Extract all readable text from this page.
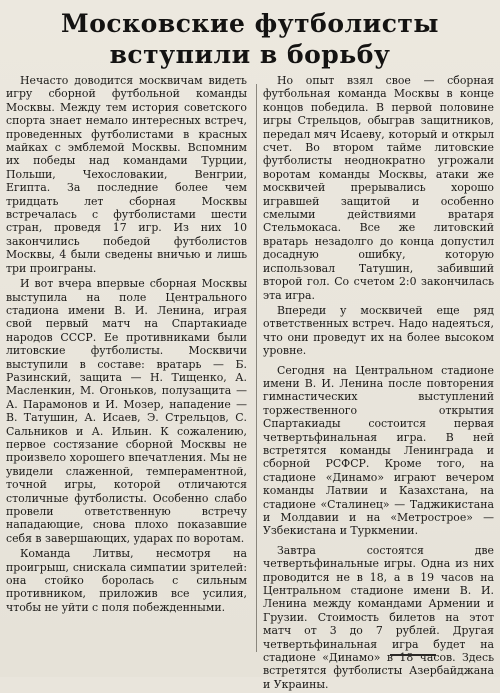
Московские футболисты
вступили в борьбу

Нечасто доводится москвичам видеть игру сборной футбольной команды Москвы. Между тем история советского спорта знает немало интересных встреч, проведенных футболистами в красных майках с эмблемой Москвы. Вспомним их победы над командами Турции, Польши, Чехословакии, Венгрии, Египта. За последние более чем тридцать лет сборная Москвы встречалась с футболистами шести стран, проведя 17 игр. Из них 10 закончились победой футболистов Москвы, 4 были сведены вничью и лишь три проиграны.

И вот вчера впервые сборная Москвы выступила на поле Центрального стадиона имени В. И. Ленина, играя свой первый матч на Спартакиаде народов СССР. Ее противниками были литовские футболисты. Москвичи выступили в составе: вратарь — Б. Разинский, защита — Н. Тищенко, А. Масленкин, М. Огоньков, полузащита — А. Парамонов и И. Мозер, нападение — В. Татушин, А. Исаев, Э. Стрельцов, С. Сальников и А. Ильин. К сожалению, первое состязание сборной Москвы не произвело хорошего впечатления. Мы не увидели слаженной, темпераментной, точной игры, которой отличаются столичные футболисты. Особенно слабо провели ответственную встречу нападающие, снова плохо показавшие себя в завершающих, ударах по воротам.

Команда Литвы, несмотря на проигрыш, снискала симпатии зрителей: она стойко боролась с сильным противником, приложив все усилия, чтобы не уйти с поля побежденными.

Но опыт взял свое — сборная футбольная команда Москвы в конце концов победила. В первой половине игры Стрельцов, обыграв защитников, передал мяч Исаеву, который и открыл счет. Во втором тайме литовские футболисты неоднократно угрожали воротам команды Москвы, атаки же москвичей прерывались хорошо игравшей защитой и особенно смелыми действиями вратаря Стельмокаса. Все же литовский вратарь незадолго до конца допустил досадную ошибку, которую использовал Татушин, забивший второй гол. Со счетом 2:0 закончилась эта игра.

Впереди у москвичей еще ряд ответственных встреч. Надо надеяться, что они проведут их на более высоком уровне.

Сегодня на Центральном стадионе имени В. И. Ленина после повторения гимнастических выступлений торжественного открытия Спартакиады состоится первая четвертьфинальная игра. В ней встретятся команды Ленинграда и сборной РСФСР. Кроме того, на стадионе «Динамо» играют вечером команды Латвии и Казахстана, на стадионе «Сталинец» — Таджикистана и Молдавии и на «Метрострое» — Узбекистана и Туркмении.

Завтра состоятся две четвертьфинальные игры. Одна из них проводится не в 18, а в 19 часов на Центральном стадионе имени В. И. Ленина между командами Армении и Грузии. Стоимость билетов на этот матч от 3 до 7 рублей. Другая четвертьфинальная игра будет на стадионе «Динамо» в 18 часов. Здесь встретятся футболисты Азербайджана и Украины.
